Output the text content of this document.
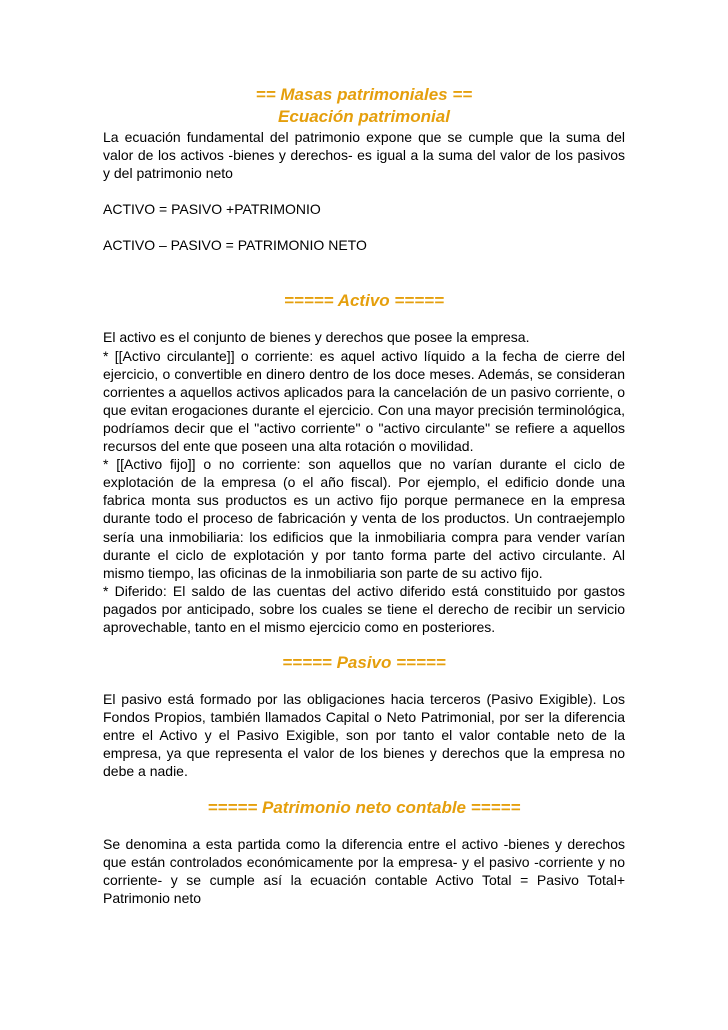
== Masas patrimoniales ==
Ecuación patrimonial

La ecuación fundamental del patrimonio expone que se cumple que la suma del valor de los activos -bienes y derechos- es igual a la suma del valor de los pasivos y del patrimonio neto

ACTIVO = PASIVO +PATRIMONIO

ACTIVO – PASIVO = PATRIMONIO NETO

===== Activo =====

El activo es el conjunto de bienes y derechos que posee la empresa.

* [[Activo circulante]] o corriente: es aquel activo líquido a la fecha de cierre del ejercicio, o convertible en dinero dentro de los doce meses. Además, se consideran corrientes a aquellos activos aplicados para la cancelación de un pasivo corriente, o que evitan erogaciones durante el ejercicio. Con una mayor precisión terminológica, podríamos decir que el "activo corriente" o "activo circulante" se refiere a aquellos recursos del ente que poseen una alta rotación o movilidad.

* [[Activo fijo]] o no corriente: son aquellos que no varían durante el ciclo de explotación de la empresa (o el año fiscal). Por ejemplo, el edificio donde una fabrica monta sus productos es un activo fijo porque permanece en la empresa durante todo el proceso de fabricación y venta de los productos. Un contraejemplo sería una inmobiliaria: los edificios que la inmobiliaria compra para vender varían durante el ciclo de explotación y por tanto forma parte del activo circulante. Al mismo tiempo, las oficinas de la inmobiliaria son parte de su activo fijo.

* Diferido: El saldo de las cuentas del activo diferido está constituido por gastos pagados por anticipado, sobre los cuales se tiene el derecho de recibir un servicio aprovechable, tanto en el mismo ejercicio como en posteriores.

===== Pasivo =====

El pasivo está formado por las obligaciones hacia terceros (Pasivo Exigible). Los Fondos Propios, también llamados Capital o Neto Patrimonial, por ser la diferencia entre el Activo y el Pasivo Exigible, son por tanto el valor contable neto de la empresa, ya que representa el valor de los bienes y derechos que la empresa no debe a nadie.

===== Patrimonio neto contable =====

Se denomina a esta partida como la diferencia entre el activo -bienes y derechos que están controlados económicamente por la empresa- y el pasivo -corriente y no corriente- y se cumple así la ecuación contable Activo Total = Pasivo Total+ Patrimonio neto
